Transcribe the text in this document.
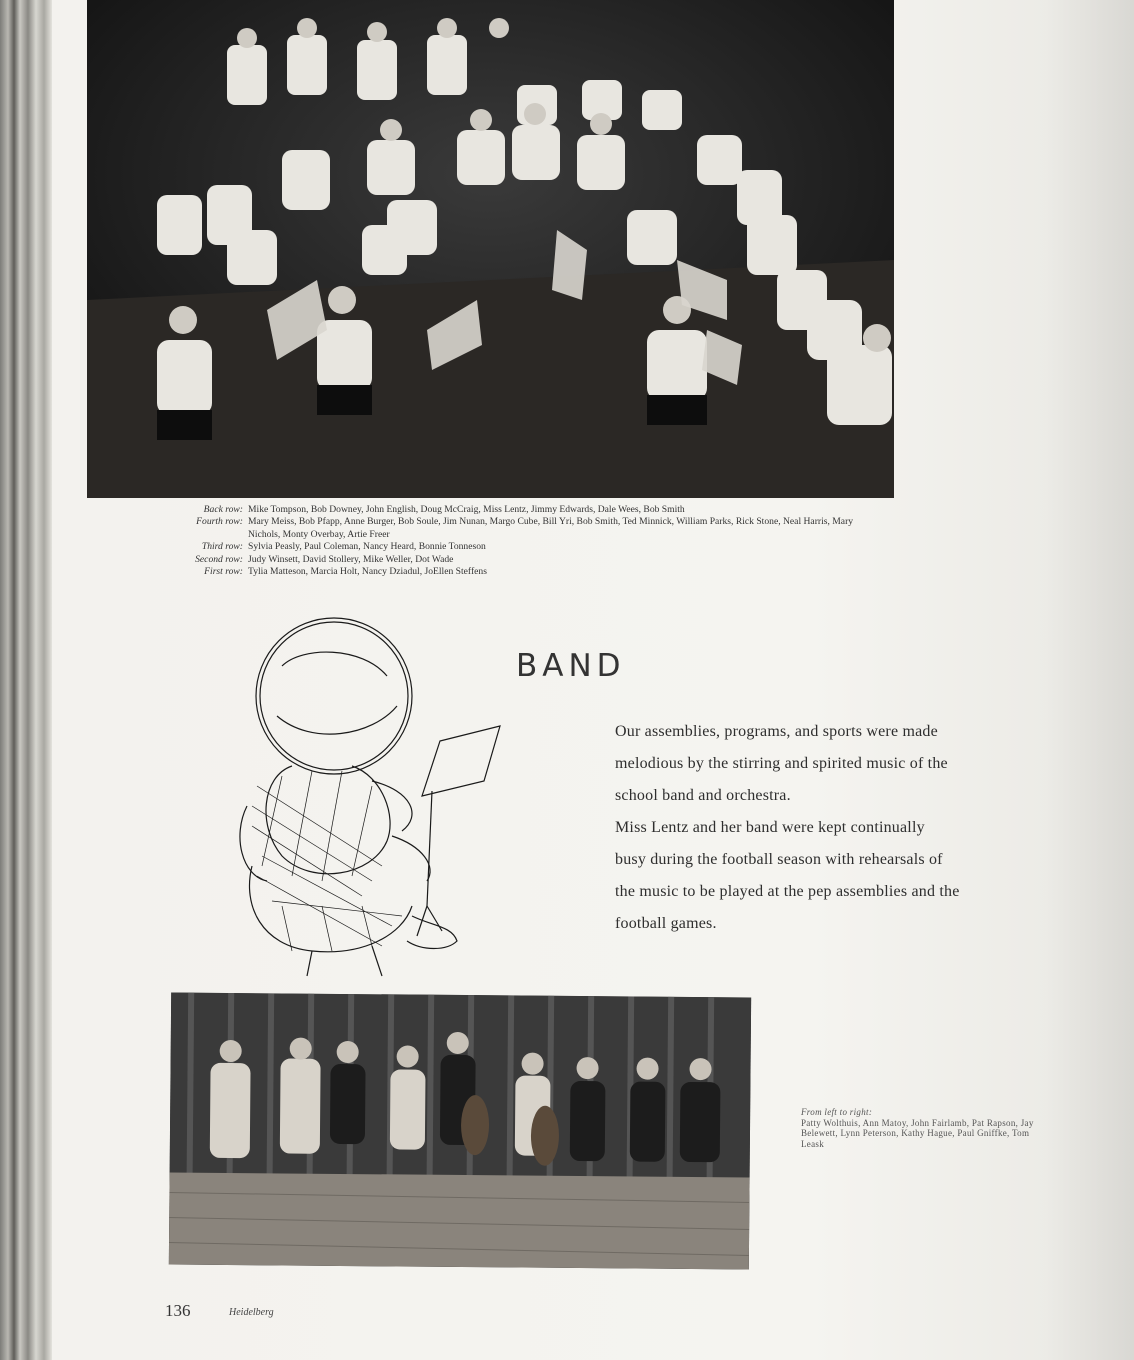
Back row: Mike Tompson, Bob Downey, John English, Doug McCraig, Miss Lentz, Jimmy Edwards, Dale Wees, Bob Smith
Fourth row: Mary Meiss, Bob Pfapp, Anne Burger, Bob Soule, Jim Nunan, Margo Cube, Bill Yri, Bob Smith, Ted Minnick, William Parks, Rick Stone, Neal Harris, Mary Nichols, Monty Overbay, Artie Freer
Third row: Sylvia Peasly, Paul Coleman, Nancy Heard, Bonnie Tonneson
Second row: Judy Winsett, David Stollery, Mike Weller, Dot Wade
First row: Tylia Matteson, Marcia Holt, Nancy Dziadul, JoEllen Steffens
BAND

Our assemblies, programs, and sports were made melodious by the stirring and spirited music of the school band and orchestra.

Miss Lentz and her band were kept continually busy during the football season with rehearsals of the music to be played at the pep assemblies and the football games.

From left to right:
Patty Wolthuis, Ann Matoy, John Fairlamb, Pat Rapson, Jay Belewett, Lynn Peterson, Kathy Hague, Paul Gniffke, Tom Leask
136	Heidelberg
